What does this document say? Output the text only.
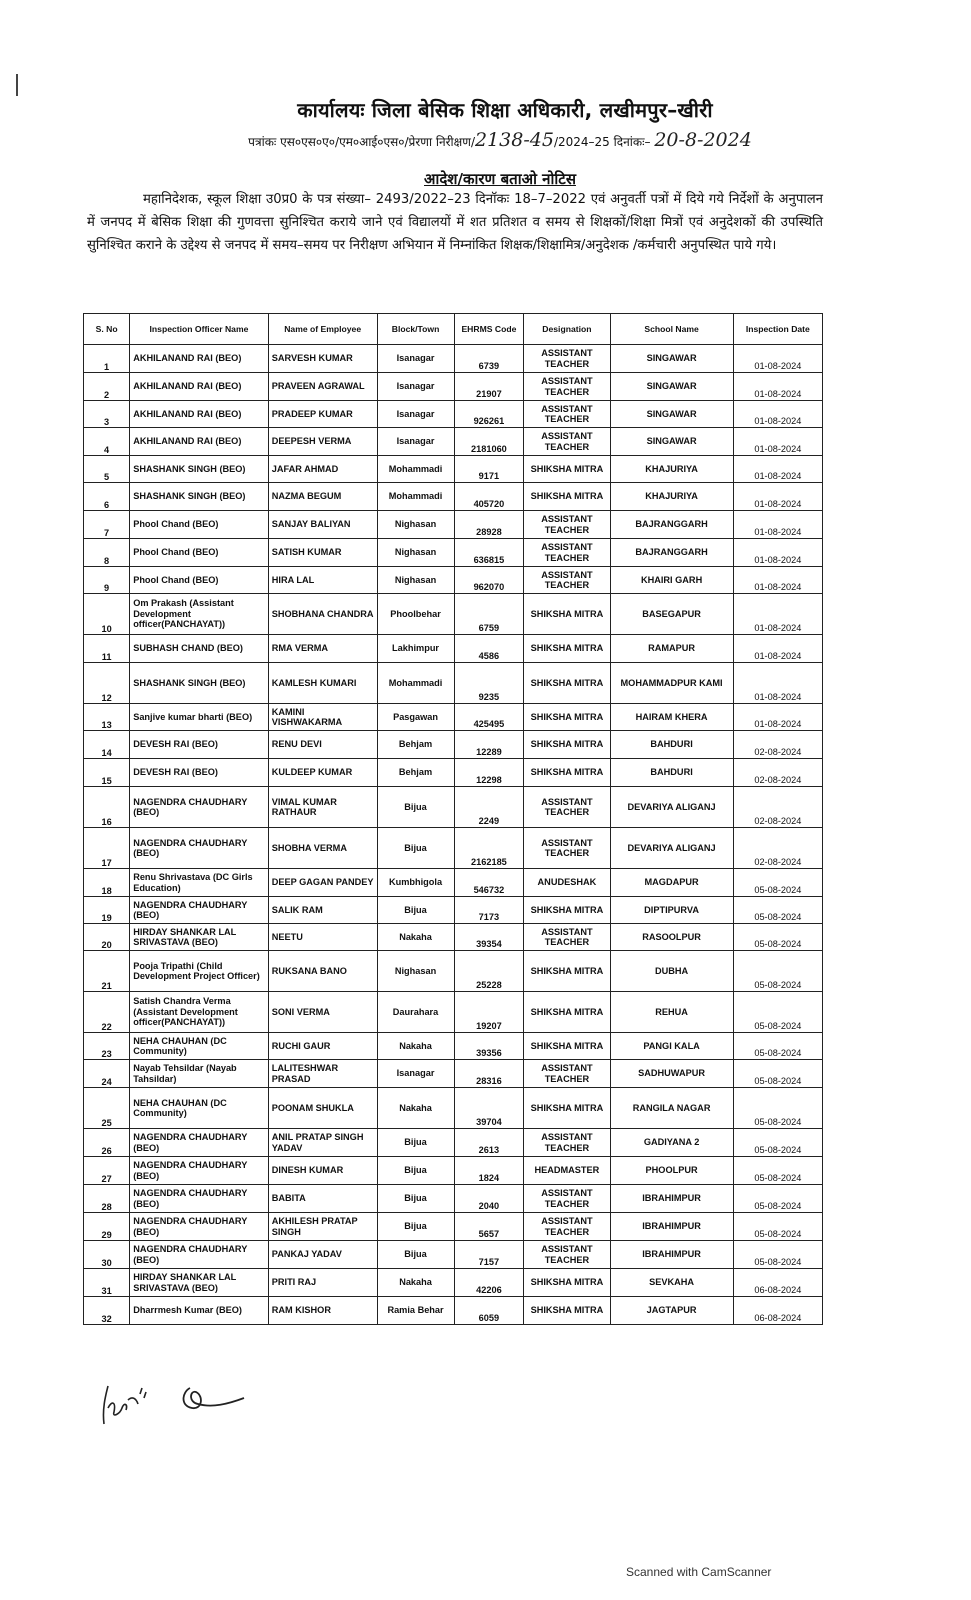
कार्यालयः जिला बेसिक शिक्षा अधिकारी, लखीमपुर–खीरी
पत्रांकः एस०एस०ए०/एम०आई०एस०/प्रेरणा निरीक्षण/2138-45/2024–25 दिनांकः– 20-8-2024
आदेश/कारण बताओ नोटिस
महानिदेशक, स्कूल शिक्षा उ0प्र0 के पत्र संख्या– 2493/2022–23 दिनॉकः 18–7–2022 एवं अनुवर्ती पत्रों में दिये गये निर्देशों के अनुपालन में जनपद में बेसिक शिक्षा की गुणवत्ता सुनिश्चित कराये जाने एवं विद्यालयों में शत प्रतिशत व समय से शिक्षकों/शिक्षा मित्रों एवं अनुदेशकों की उपस्थिति सुनिश्चित कराने के उद्देश्य से जनपद में समय–समय पर निरीक्षण अभियान में निम्नांकित शिक्षक/शिक्षामित्र/अनुदेशक /कर्मचारी अनुपस्थित पाये गये।
S. No	Inspection Officer Name	Name of Employee	Block/Town	EHRMS Code	Designation	School Name	Inspection Date
1	AKHILANAND RAI (BEO)	SARVESH KUMAR	Isanagar	6739	ASSISTANT TEACHER	SINGAWAR	01-08-2024
2	AKHILANAND RAI (BEO)	PRAVEEN AGRAWAL	Isanagar	21907	ASSISTANT TEACHER	SINGAWAR	01-08-2024
3	AKHILANAND RAI (BEO)	PRADEEP KUMAR	Isanagar	926261	ASSISTANT TEACHER	SINGAWAR	01-08-2024
4	AKHILANAND RAI (BEO)	DEEPESH VERMA	Isanagar	2181060	ASSISTANT TEACHER	SINGAWAR	01-08-2024
5	SHASHANK SINGH (BEO)	JAFAR AHMAD	Mohammadi	9171	SHIKSHA MITRA	KHAJURIYA	01-08-2024
6	SHASHANK SINGH (BEO)	NAZMA BEGUM	Mohammadi	405720	SHIKSHA MITRA	KHAJURIYA	01-08-2024
7	Phool Chand (BEO)	SANJAY BALIYAN	Nighasan	28928	ASSISTANT TEACHER	BAJRANGGARH	01-08-2024
8	Phool Chand (BEO)	SATISH KUMAR	Nighasan	636815	ASSISTANT TEACHER	BAJRANGGARH	01-08-2024
9	Phool Chand (BEO)	HIRA LAL	Nighasan	962070	ASSISTANT TEACHER	KHAIRI GARH	01-08-2024
10	Om Prakash (Assistant Development officer(PANCHAYAT))	SHOBHANA CHANDRA	Phoolbehar	6759	SHIKSHA MITRA	BASEGAPUR	01-08-2024
11	SUBHASH CHAND (BEO)	RMA VERMA	Lakhimpur	4586	SHIKSHA MITRA	RAMAPUR	01-08-2024
12	SHASHANK SINGH (BEO)	KAMLESH KUMARI	Mohammadi	9235	SHIKSHA MITRA	MOHAMMADPUR KAMI	01-08-2024
13	Sanjive kumar bharti (BEO)	KAMINI VISHWAKARMA	Pasgawan	425495	SHIKSHA MITRA	HAIRAM KHERA	01-08-2024
14	DEVESH RAI (BEO)	RENU DEVI	Behjam	12289	SHIKSHA MITRA	BAHDURI	02-08-2024
15	DEVESH RAI (BEO)	KULDEEP KUMAR	Behjam	12298	SHIKSHA MITRA	BAHDURI	02-08-2024
16	NAGENDRA CHAUDHARY (BEO)	VIMAL KUMAR RATHAUR	Bijua	2249	ASSISTANT TEACHER	DEVARIYA ALIGANJ	02-08-2024
17	NAGENDRA CHAUDHARY (BEO)	SHOBHA VERMA	Bijua	2162185	ASSISTANT TEACHER	DEVARIYA ALIGANJ	02-08-2024
18	Renu Shrivastava (DC Girls Education)	DEEP GAGAN PANDEY	Kumbhigola	546732	ANUDESHAK	MAGDAPUR	05-08-2024
19	NAGENDRA CHAUDHARY (BEO)	SALIK RAM	Bijua	7173	SHIKSHA MITRA	DIPTIPURVA	05-08-2024
20	HIRDAY SHANKAR LAL SRIVASTAVA (BEO)	NEETU	Nakaha	39354	ASSISTANT TEACHER	RASOOLPUR	05-08-2024
21	Pooja Tripathi (Child Development Project Officer)	RUKSANA BANO	Nighasan	25228	SHIKSHA MITRA	DUBHA	05-08-2024
22	Satish Chandra Verma (Assistant Development officer(PANCHAYAT))	SONI VERMA	Daurahara	19207	SHIKSHA MITRA	REHUA	05-08-2024
23	NEHA CHAUHAN (DC Community)	RUCHI GAUR	Nakaha	39356	SHIKSHA MITRA	PANGI KALA	05-08-2024
24	Nayab Tehsildar (Nayab Tahsildar)	LALITESHWAR PRASAD	Isanagar	28316	ASSISTANT TEACHER	SADHUWAPUR	05-08-2024
25	NEHA CHAUHAN (DC Community)	POONAM SHUKLA	Nakaha	39704	SHIKSHA MITRA	RANGILA NAGAR	05-08-2024
26	NAGENDRA CHAUDHARY (BEO)	ANIL PRATAP SINGH YADAV	Bijua	2613	ASSISTANT TEACHER	GADIYANA 2	05-08-2024
27	NAGENDRA CHAUDHARY (BEO)	DINESH KUMAR	Bijua	1824	HEADMASTER	PHOOLPUR	05-08-2024
28	NAGENDRA CHAUDHARY (BEO)	BABITA	Bijua	2040	ASSISTANT TEACHER	IBRAHIMPUR	05-08-2024
29	NAGENDRA CHAUDHARY (BEO)	AKHILESH PRATAP SINGH	Bijua	5657	ASSISTANT TEACHER	IBRAHIMPUR	05-08-2024
30	NAGENDRA CHAUDHARY (BEO)	PANKAJ YADAV	Bijua	7157	ASSISTANT TEACHER	IBRAHIMPUR	05-08-2024
31	HIRDAY SHANKAR LAL SRIVASTAVA (BEO)	PRITI RAJ	Nakaha	42206	SHIKSHA MITRA	SEVKAHA	06-08-2024
32	Dharrmesh Kumar (BEO)	RAM KISHOR	Ramia Behar	6059	SHIKSHA MITRA	JAGTAPUR	06-08-2024
Scanned with CamScanner
